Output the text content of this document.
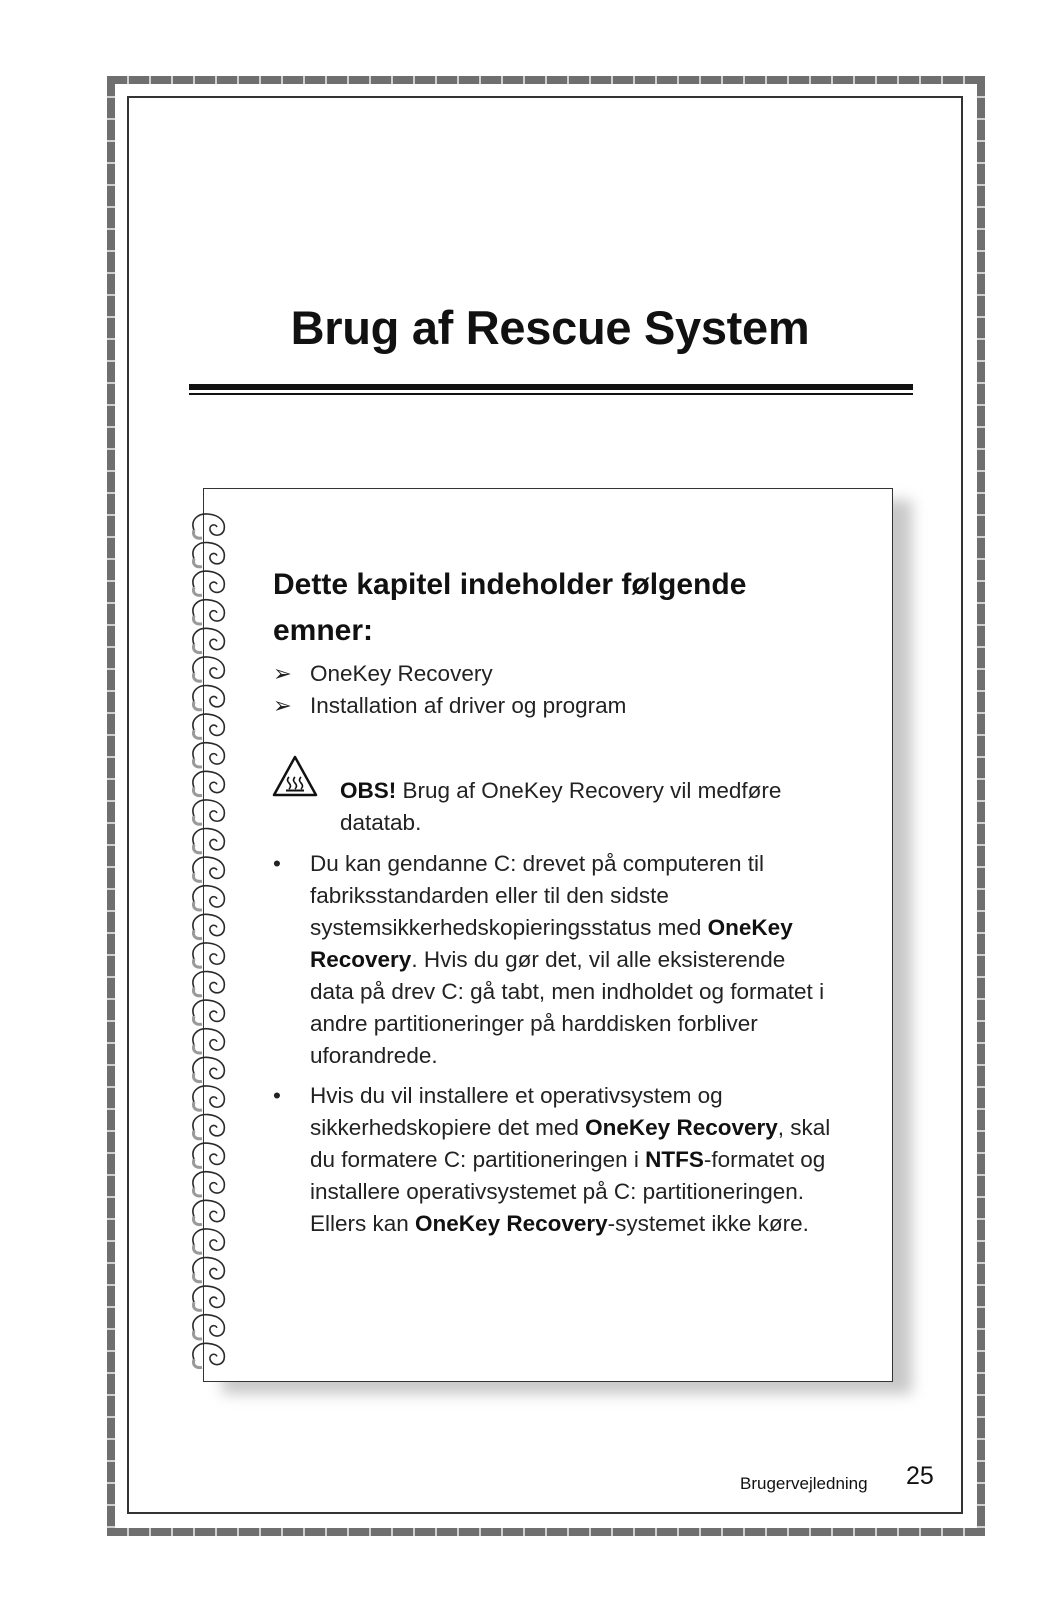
Brug af Rescue System
Dette kapitel indeholder følgende emner:
➢ OneKey Recovery
➢ Installation af driver og program
OBS! Brug af OneKey Recovery vil medføre datatab.
• Du kan gendanne C: drevet på computeren til fabriksstandarden eller til den sidste systemsikkerhedskopieringsstatus med OneKey Recovery. Hvis du gør det, vil alle eksisterende data på drev C: gå tabt, men indholdet og formatet i andre partitioneringer på harddisken forbliver uforandrede.
• Hvis du vil installere et operativsystem og sikkerhedskopiere det med OneKey Recovery, skal du formatere C: partitioneringen i NTFS-formatet og installere operativsystemet på C: partitioneringen. Ellers kan OneKey Recovery-systemet ikke køre.
Brugervejledning 25
